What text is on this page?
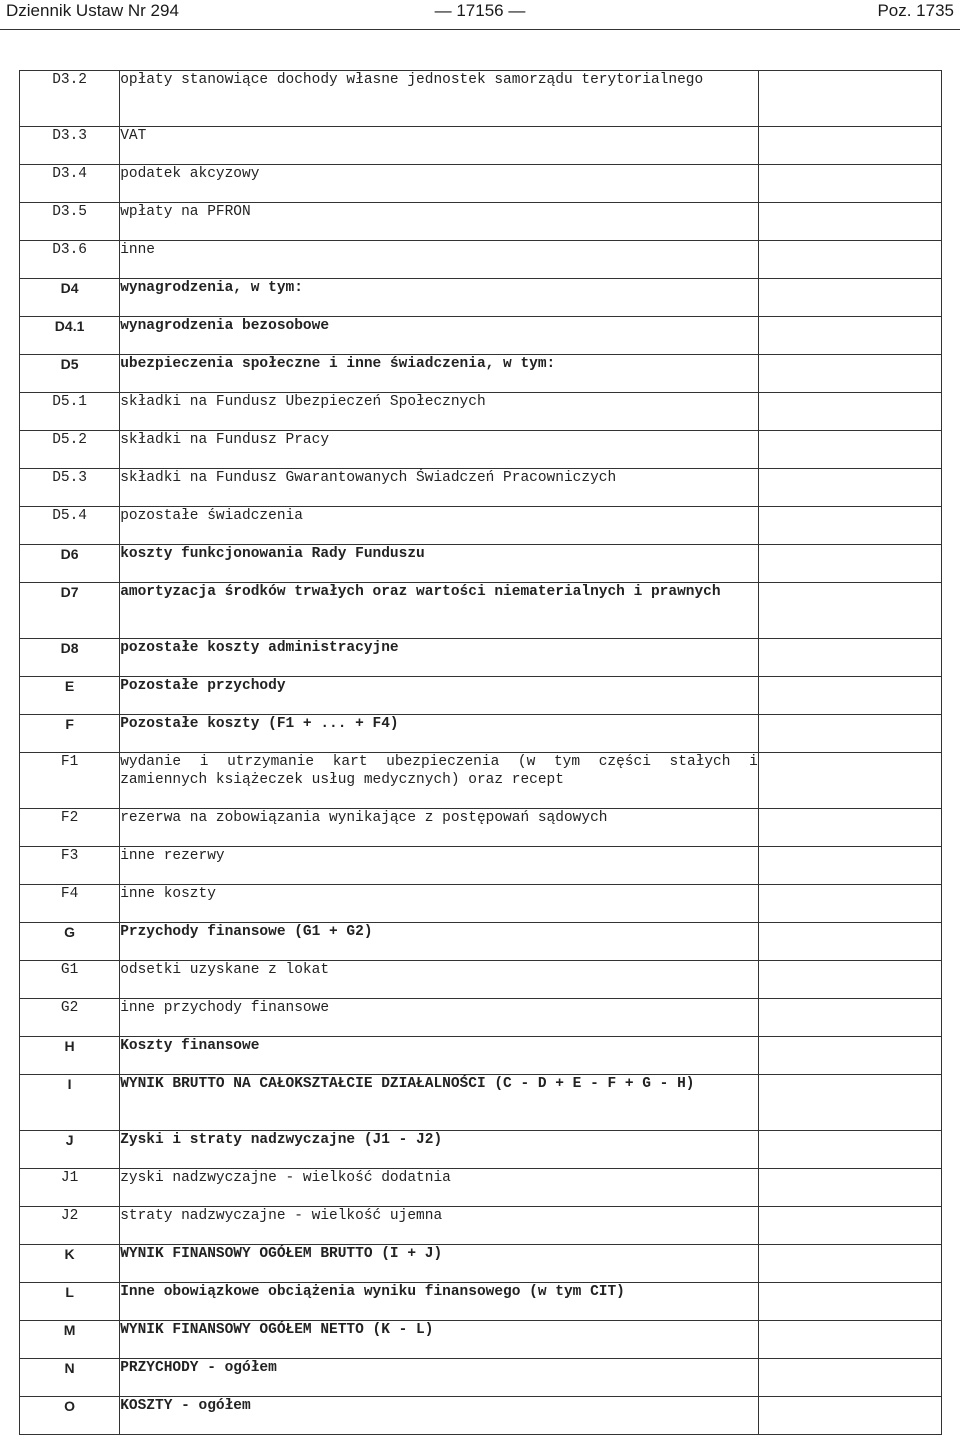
Dziennik Ustaw Nr 294	— 17156 —	Poz. 1735
D3.2	opłaty stanowiące dochody własne jednostek samorządu terytorialnego	
D3.3	VAT	
D3.4	podatek akcyzowy	
D3.5	wpłaty na PFRON	
D3.6	inne	
D4	wynagrodzenia, w tym:	
D4.1	wynagrodzenia bezosobowe	
D5	ubezpieczenia społeczne i inne świadczenia, w tym:	
D5.1	składki na Fundusz Ubezpieczeń Społecznych	
D5.2	składki na Fundusz Pracy	
D5.3	składki na Fundusz Gwarantowanych Świadczeń Pracowniczych	
D5.4	pozostałe świadczenia	
D6	koszty funkcjonowania Rady Funduszu	
D7	amortyzacja środków trwałych oraz wartości niematerialnych i prawnych	
D8	pozostałe koszty administracyjne	
E	Pozostałe przychody	
F	Pozostałe koszty (F1 + ... + F4)	
F1	wydanie i utrzymanie kart ubezpieczenia (w tym części stałych i zamiennych książeczek usług medycznych) oraz recept	
F2	rezerwa na zobowiązania wynikające z postępowań sądowych	
F3	inne rezerwy	
F4	inne koszty	
G	Przychody finansowe (G1 + G2)	
G1	odsetki uzyskane z lokat	
G2	inne przychody finansowe	
H	Koszty finansowe	
I	WYNIK BRUTTO NA CAŁOKSZTAŁCIE DZIAŁALNOŚCI (C - D + E - F + G - H)	
J	Zyski i straty nadzwyczajne (J1 - J2)	
J1	zyski nadzwyczajne - wielkość dodatnia	
J2	straty nadzwyczajne - wielkość ujemna	
K	WYNIK FINANSOWY OGÓŁEM BRUTTO (I + J)	
L	Inne obowiązkowe obciążenia wyniku finansowego (w tym CIT)	
M	WYNIK FINANSOWY OGÓŁEM NETTO (K - L)	
N	PRZYCHODY - ogółem	
O	KOSZTY - ogółem	
